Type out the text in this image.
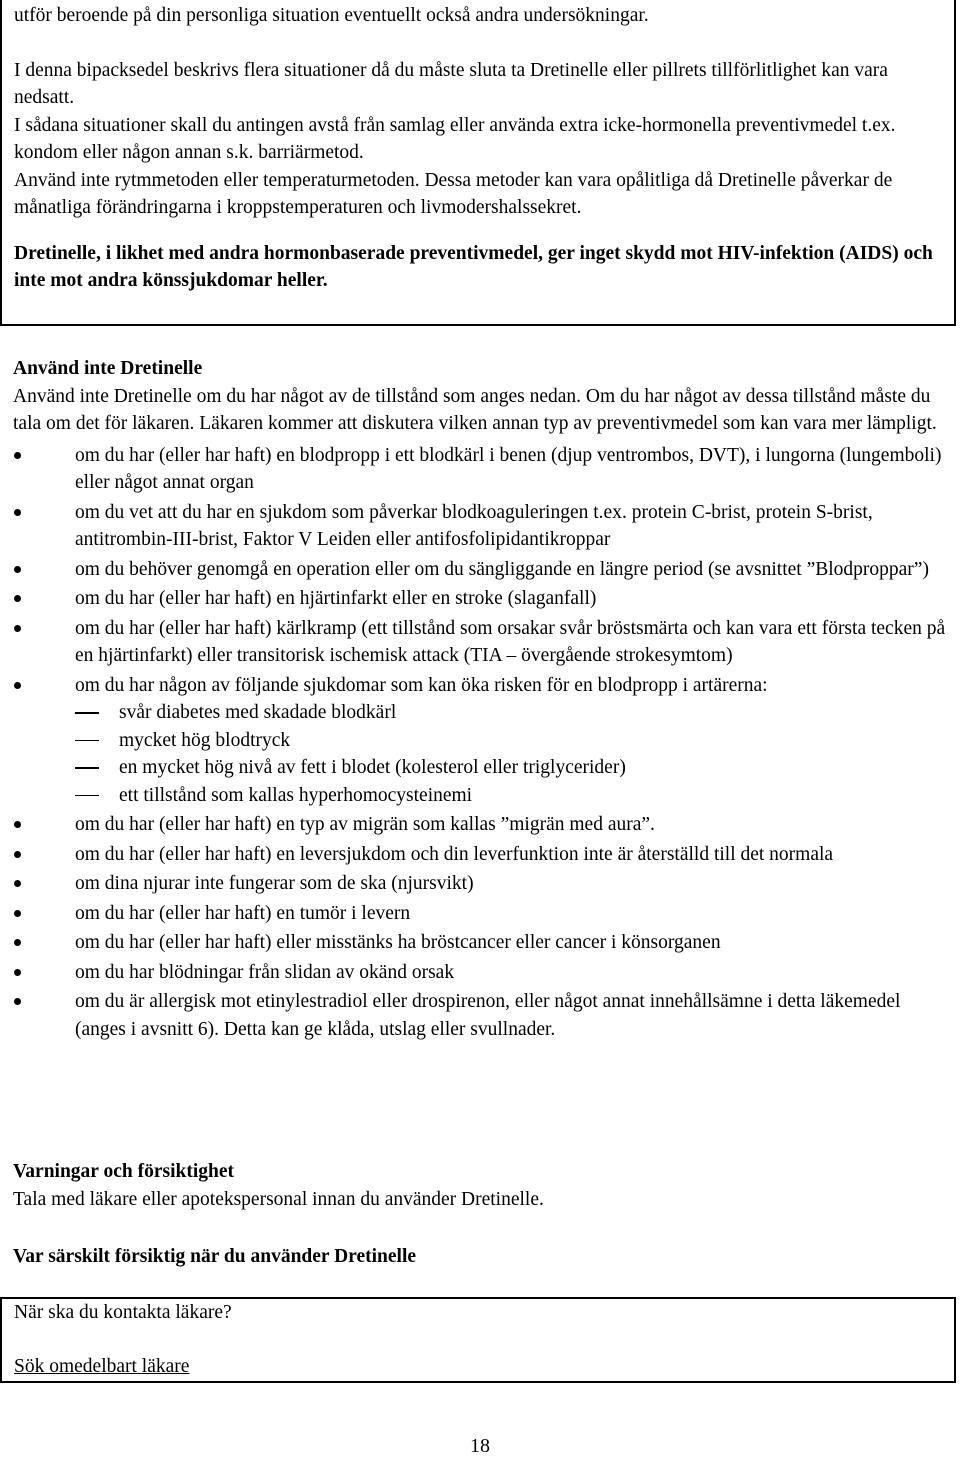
utför beroende på din personliga situation eventuellt också andra undersökningar.

I denna bipacksedel beskrivs flera situationer då du måste sluta ta Dretinelle eller pillrets tillförlitlighet kan vara nedsatt.

I sådana situationer skall du antingen avstå från samlag eller använda extra icke-hormonella preventivmedel t.ex. kondom eller någon annan s.k. barriärmetod.

Använd inte rytmmetoden eller temperaturmetoden. Dessa metoder kan vara opålitliga då Dretinelle påverkar de månatliga förändringarna i kroppstemperaturen och livmodershalssekret.

Dretinelle, i likhet med andra hormonbaserade preventivmedel, ger inget skydd mot HIV-infektion (AIDS) och inte mot andra könssjukdomar heller.

Använd inte Dretinelle

Använd inte Dretinelle om du har något av de tillstånd som anges nedan. Om du har något av dessa tillstånd måste du tala om det för läkaren. Läkaren kommer att diskutera vilken annan typ av preventivmedel som kan vara mer lämpligt.

om du har (eller har haft) en blodpropp i ett blodkärl i benen (djup ventrombos, DVT), i lungorna (lungemboli) eller något annat organ
om du vet att du har en sjukdom som påverkar blodkoaguleringen t.ex. protein C-brist, protein S-brist, antitrombin-III-brist, Faktor V Leiden eller antifosfolipidantikroppar
om du behöver genomgå en operation eller om du sängliggande en längre period (se avsnittet ”Blodproppar”)
om du har (eller har haft) en hjärtinfarkt eller en stroke (slaganfall)
om du har (eller har haft) kärlkramp (ett tillstånd som orsakar svår bröstsmärta och kan vara ett första tecken på en hjärtinfarkt) eller transitorisk ischemisk attack (TIA – övergående strokesymtom)
om du har någon av följande sjukdomar som kan öka risken för en blodpropp i artärerna:
svår diabetes med skadade blodkärl
mycket hög blodtryck
en mycket hög nivå av fett i blodet (kolesterol eller triglycerider)
ett tillstånd som kallas hyperhomocysteinemi
om du har (eller har haft) en typ av migrän som kallas ”migrän med aura”.
om du har (eller har haft) en leversjukdom och din leverfunktion inte är återställd till det normala
om dina njurar inte fungerar som de ska (njursvikt)
om du har (eller har haft) en tumör i levern
om du har (eller har haft) eller misstänks ha bröstcancer eller cancer i könsorganen
om du har blödningar från slidan av okänd orsak
om du är allergisk mot etinylestradiol eller drospirenon, eller något annat innehållsämne i detta läkemedel (anges i avsnitt 6). Detta kan ge klåda, utslag eller svullnader.
Varningar och försiktighet

Tala med läkare eller apotekspersonal innan du använder Dretinelle.

Var särskilt försiktig när du använder Dretinelle
När ska du kontakta läkare?
Sök omedelbart läkare
18
